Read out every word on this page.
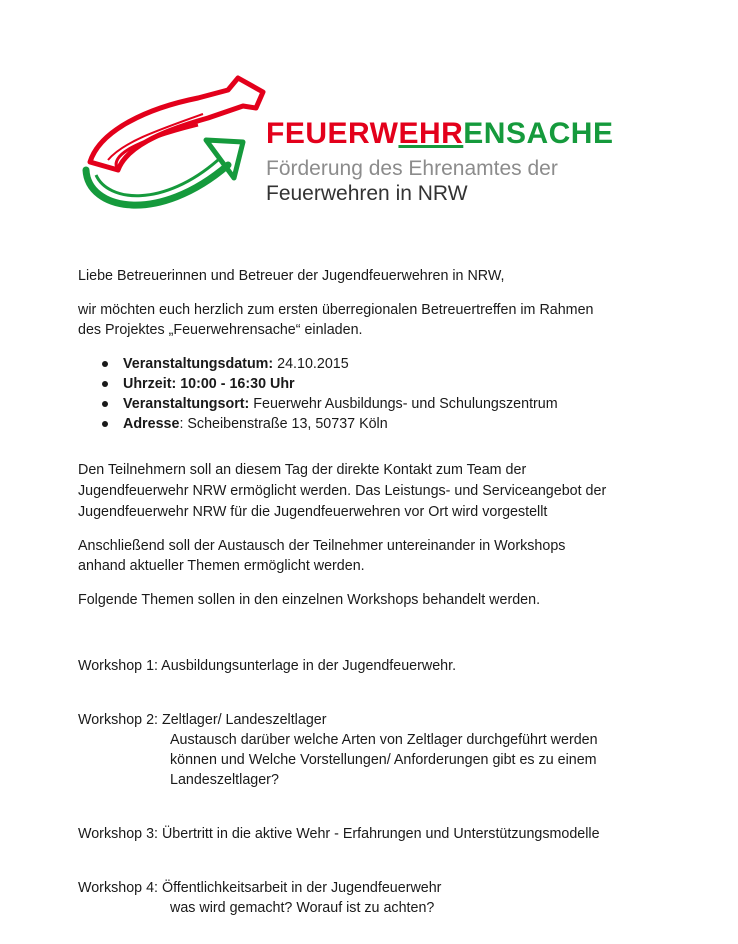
FEUERWEHRENSACHE
Förderung des Ehrenamtes der
Feuerwehren in NRW
Liebe Betreuerinnen und Betreuer der Jugendfeuerwehren in NRW,
wir möchten euch herzlich zum ersten überregionalen Betreuertreffen im Rahmen
des Projektes „Feuerwehrensache“ einladen.
Veranstaltungsdatum: 24.10.2015
Uhrzeit: 10:00 - 16:30 Uhr
Veranstaltungsort: Feuerwehr Ausbildungs- und Schulungszentrum
Adresse: Scheibenstraße 13, 50737 Köln
Den Teilnehmern soll an diesem Tag der direkte Kontakt zum Team der
Jugendfeuerwehr NRW ermöglicht werden. Das Leistungs- und Serviceangebot der
Jugendfeuerwehr NRW für die Jugendfeuerwehren vor Ort wird vorgestellt
Anschließend soll der Austausch der Teilnehmer untereinander in Workshops
anhand aktueller Themen ermöglicht werden.
Folgende Themen sollen in den einzelnen Workshops behandelt werden.
Workshop 1: Ausbildungsunterlage in der Jugendfeuerwehr.
Workshop 2: Zeltlager/ Landeszeltlager
Austausch darüber welche Arten von Zeltlager durchgeführt werden
können und Welche Vorstellungen/ Anforderungen gibt es zu einem
Landeszeltlager?
Workshop 3: Übertritt in die aktive Wehr - Erfahrungen und Unterstützungsmodelle
Workshop 4: Öffentlichkeitsarbeit in der Jugendfeuerwehr
was wird gemacht? Worauf ist zu achten?
